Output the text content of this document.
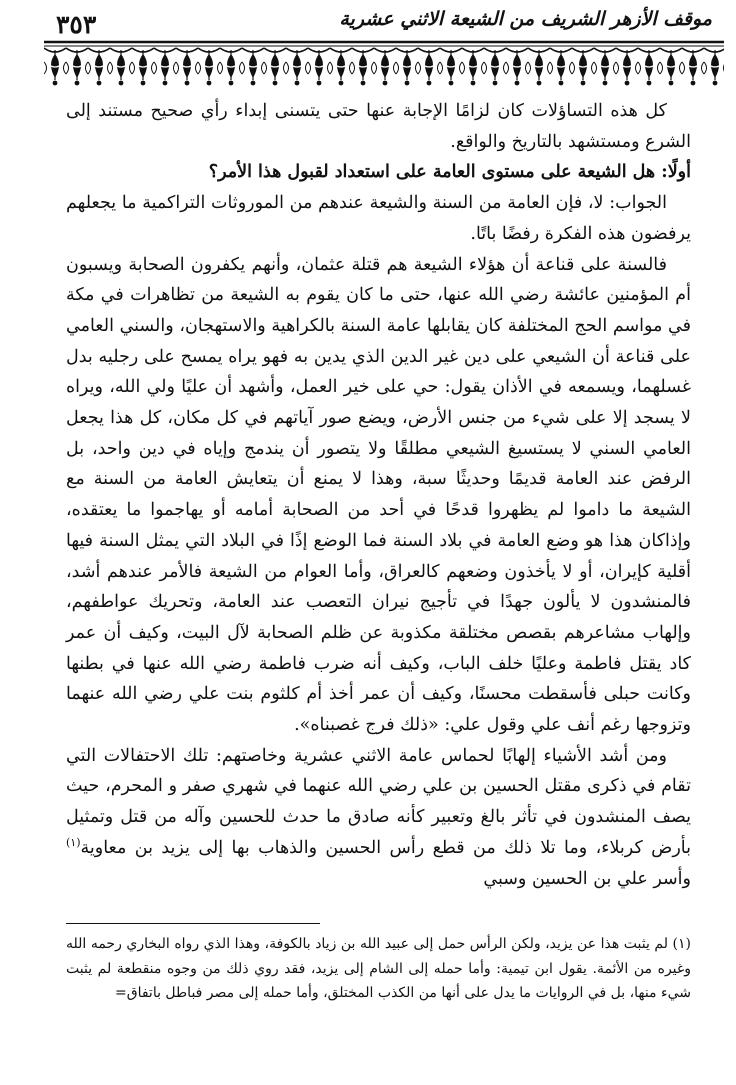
٣٥٣	موقف الأزهر الشريف من الشيعة الاثني عشرية

كل هذه التساؤلات كان لزامًا الإجابة عنها حتى يتسنى إبداء رأي صحيح مستند إلى الشرع ومستشهد بالتاريخ والواقع.

أولًا: هل الشيعة على مستوى العامة على استعداد لقبول هذا الأمر؟

الجواب: لا، فإن العامة من السنة والشيعة عندهم من الموروثات التراكمية ما يجعلهم يرفضون هذه الفكرة رفضًا باتًا.

فالسنة على قناعة أن هؤلاء الشيعة هم قتلة عثمان، وأنهم يكفرون الصحابة ويسبون أم المؤمنين عائشة رضي الله عنها، حتى ما كان يقوم به الشيعة من تظاهرات في مكة في مواسم الحج المختلفة كان يقابلها عامة السنة بالكراهية والاستهجان، والسني العامي على قناعة أن الشيعي على دين غير الدين الذي يدين به فهو يراه يمسح على رجليه بدل غسلهما، ويسمعه في الأذان يقول: حي على خير العمل، وأشهد أن عليًا ولي الله، ويراه لا يسجد إلا على شيء من جنس الأرض، ويضع صور آياتهم في كل مكان، كل هذا يجعل العامي السني لا يستسيغ الشيعي مطلقًا ولا يتصور أن يندمج وإياه في دين واحد، بل الرفض عند العامة قديمًا وحديثًا سبة، وهذا لا يمنع أن يتعايش العامة من السنة مع الشيعة ما داموا لم يظهروا قدحًا في أحد من الصحابة أمامه أو يهاجموا ما يعتقده، وإذاكان هذا هو وضع العامة في بلاد السنة فما الوضع إذًا في البلاد التي يمثل السنة فيها أقلية كإيران، أو لا يأخذون وضعهم كالعراق، وأما العوام من الشيعة فالأمر عندهم أشد، فالمنشدون لا يألون جهدًا في تأجيج نيران التعصب عند العامة، وتحريك عواطفهم، وإلهاب مشاعرهم بقصص مختلقة مكذوبة عن ظلم الصحابة لآل البيت، وكيف أن عمر كاد يقتل فاطمة وعليًا خلف الباب، وكيف أنه ضرب فاطمة رضي الله عنها في بطنها وكانت حبلى فأسقطت محسنًا، وكيف أن عمر أخذ أم كلثوم بنت علي رضي الله عنهما وتزوجها رغم أنف علي وقول علي: «ذلك فرج غصبناه».

ومن أشد الأشياء إلهابًا لحماس عامة الاثني عشرية وخاصتهم: تلك الاحتفالات التي تقام في ذكرى مقتل الحسين بن علي رضي الله عنهما في شهري صفر و المحرم، حيث يصف المنشدون في تأثر بالغ وتعبير كأنه صادق ما حدث للحسين وآله من قتل وتمثيل بأرض كربلاء، وما تلا ذلك من قطع رأس الحسين والذهاب بها إلى يزيد بن معاوية$^{(١)}$ وأسر علي بن الحسين وسبي

(١) لم يثبت هذا عن يزيد، ولكن الرأس حمل إلى عبيد الله بن زياد بالكوفة، وهذا الذي رواه البخاري رحمه الله وغيره من الأئمة. يقول ابن تيمية: وأما حمله إلى الشام إلى يزيد، فقد روي ذلك من وجوه منقطعة لم يثبت شيء منها، بل في الروايات ما يدل على أنها من الكذب المختلق، وأما حمله إلى مصر فباطل باتفاق=
